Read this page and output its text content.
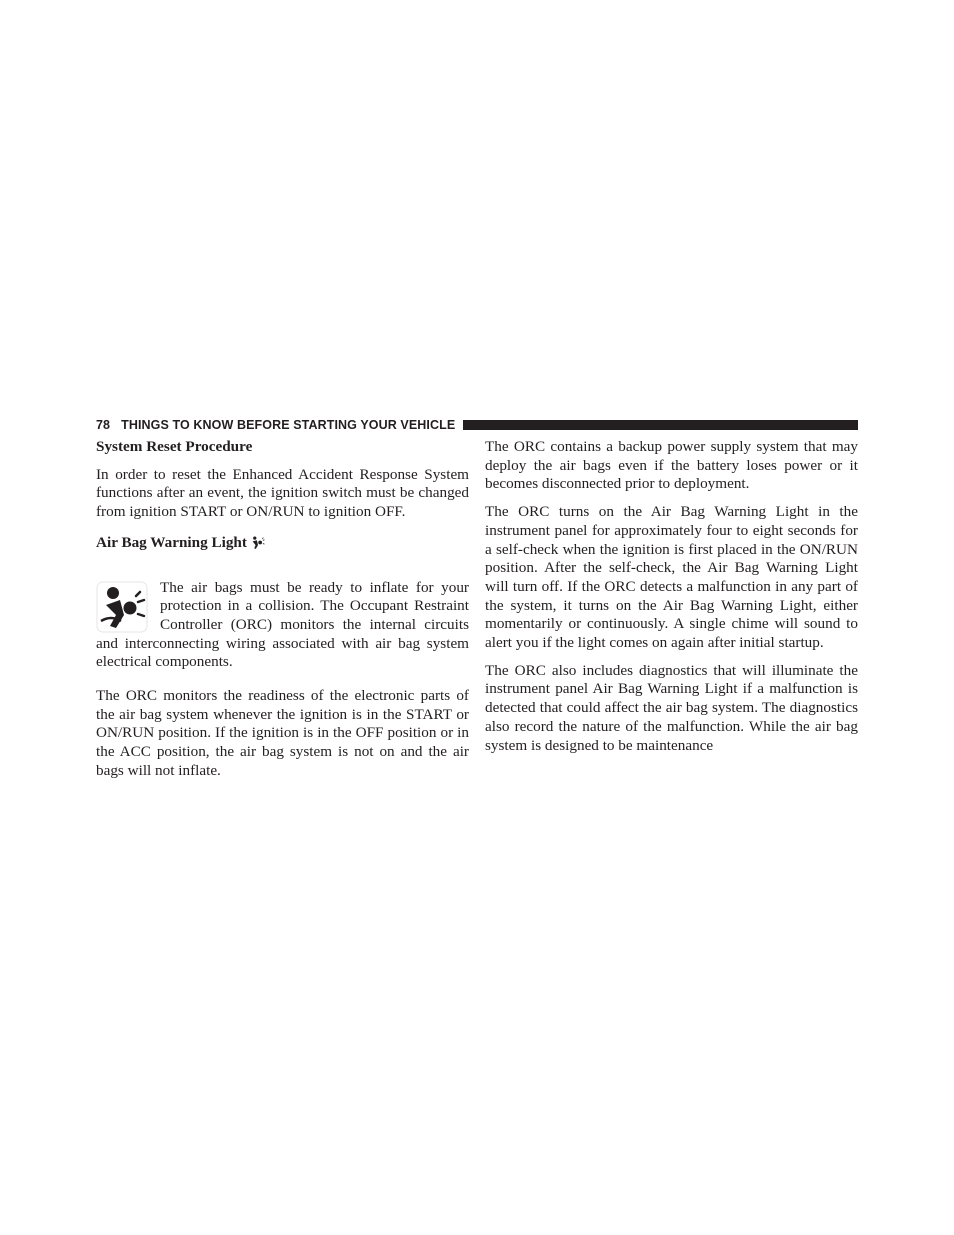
78 THINGS TO KNOW BEFORE STARTING YOUR VEHICLE
System Reset Procedure

In order to reset the Enhanced Accident Response System functions after an event, the ignition switch must be changed from ignition START or ON/RUN to ignition OFF.

Air Bag Warning Light

The air bags must be ready to inflate for your protection in a collision. The Occupant Restraint Controller (ORC) monitors the internal circuits and interconnecting wiring associated with air bag system electrical components.

The ORC monitors the readiness of the electronic parts of the air bag system whenever the ignition is in the START or ON/RUN position. If the ignition is in the OFF position or in the ACC position, the air bag system is not on and the air bags will not inflate.

The ORC contains a backup power supply system that may deploy the air bags even if the battery loses power or it becomes disconnected prior to deployment.

The ORC turns on the Air Bag Warning Light in the instrument panel for approximately four to eight seconds for a self-check when the ignition is first placed in the ON/RUN position. After the self-check, the Air Bag Warning Light will turn off. If the ORC detects a malfunction in any part of the system, it turns on the Air Bag Warning Light, either momentarily or continuously. A single chime will sound to alert you if the light comes on again after initial startup.

The ORC also includes diagnostics that will illuminate the instrument panel Air Bag Warning Light if a malfunction is detected that could affect the air bag system. The diagnostics also record the nature of the malfunction. While the air bag system is designed to be maintenance
